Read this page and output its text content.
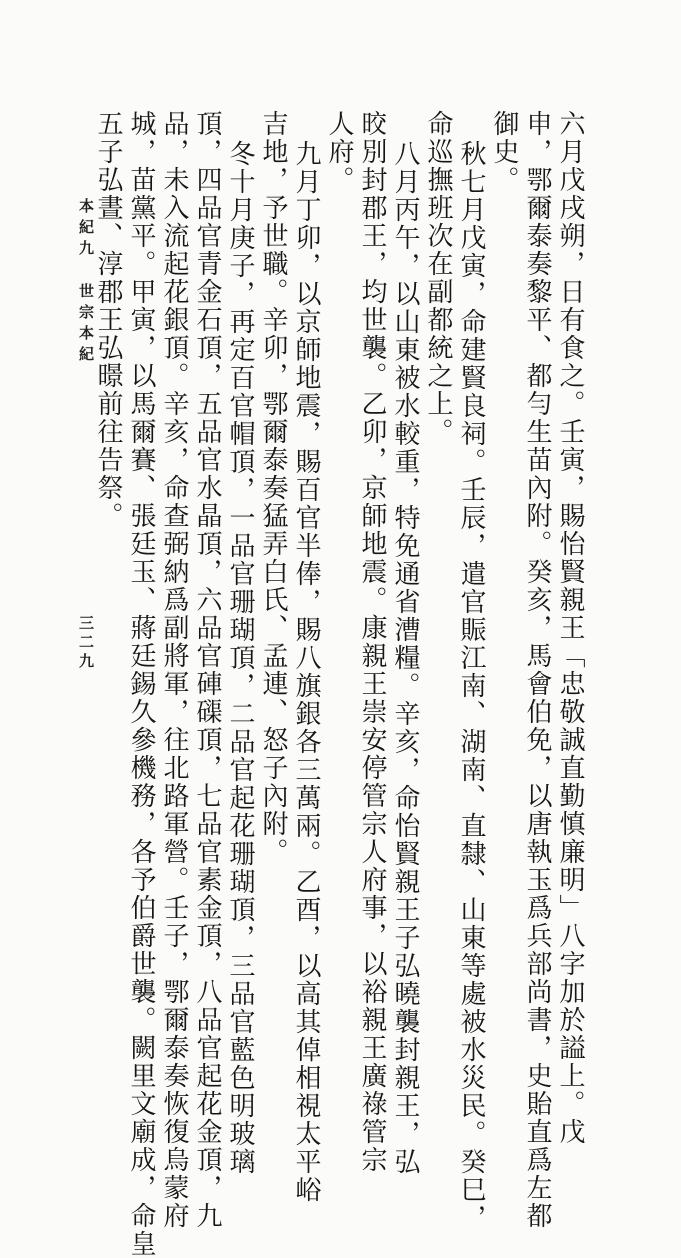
六月戊戌朔，日有食之。壬寅，賜怡賢親王「忠敬誠直勤慎廉明」八字加於謚上。戊
申，鄂爾泰奏黎平、都勻生苗內附。癸亥，馬會伯免，以唐執玉爲兵部尚書，史貽直爲左都
御史。
秋七月戊寅，命建賢良祠。壬辰，遣官賑江南、湖南、直隸、山東等處被水災民。癸巳，
命巡撫班次在副都統之上。
八月丙午，以山東被水較重，特免通省漕糧。辛亥，命怡賢親王子弘曉襲封親王，弘
晈別封郡王，均世襲。乙卯，京師地震。康親王崇安停管宗人府事，以裕親王廣祿管宗
人府。
九月丁卯，以京師地震，賜百官半俸，賜八旗銀各三萬兩。乙酉，以高其倬相視太平峪
吉地，予世職。辛卯，鄂爾泰奏猛弄白氏、孟連、怒子內附。
冬十月庚子，再定百官帽頂，一品官珊瑚頂，二品官起花珊瑚頂，三品官藍色明玻璃
頂，四品官青金石頂，五品官水晶頂，六品官硨磲頂，七品官素金頂，八品官起花金頂，九
品，未入流起花銀頂。辛亥，命查弼納爲副將軍，往北路軍營。壬子，鄂爾泰奏恢復烏蒙府
城，苗黨平。甲寅，以馬爾賽、張廷玉、蔣廷錫久參機務，各予伯爵世襲。闕里文廟成，命皇
五子弘晝、淳郡王弘暻前往告祭。
本紀九世宗本紀
三二九
